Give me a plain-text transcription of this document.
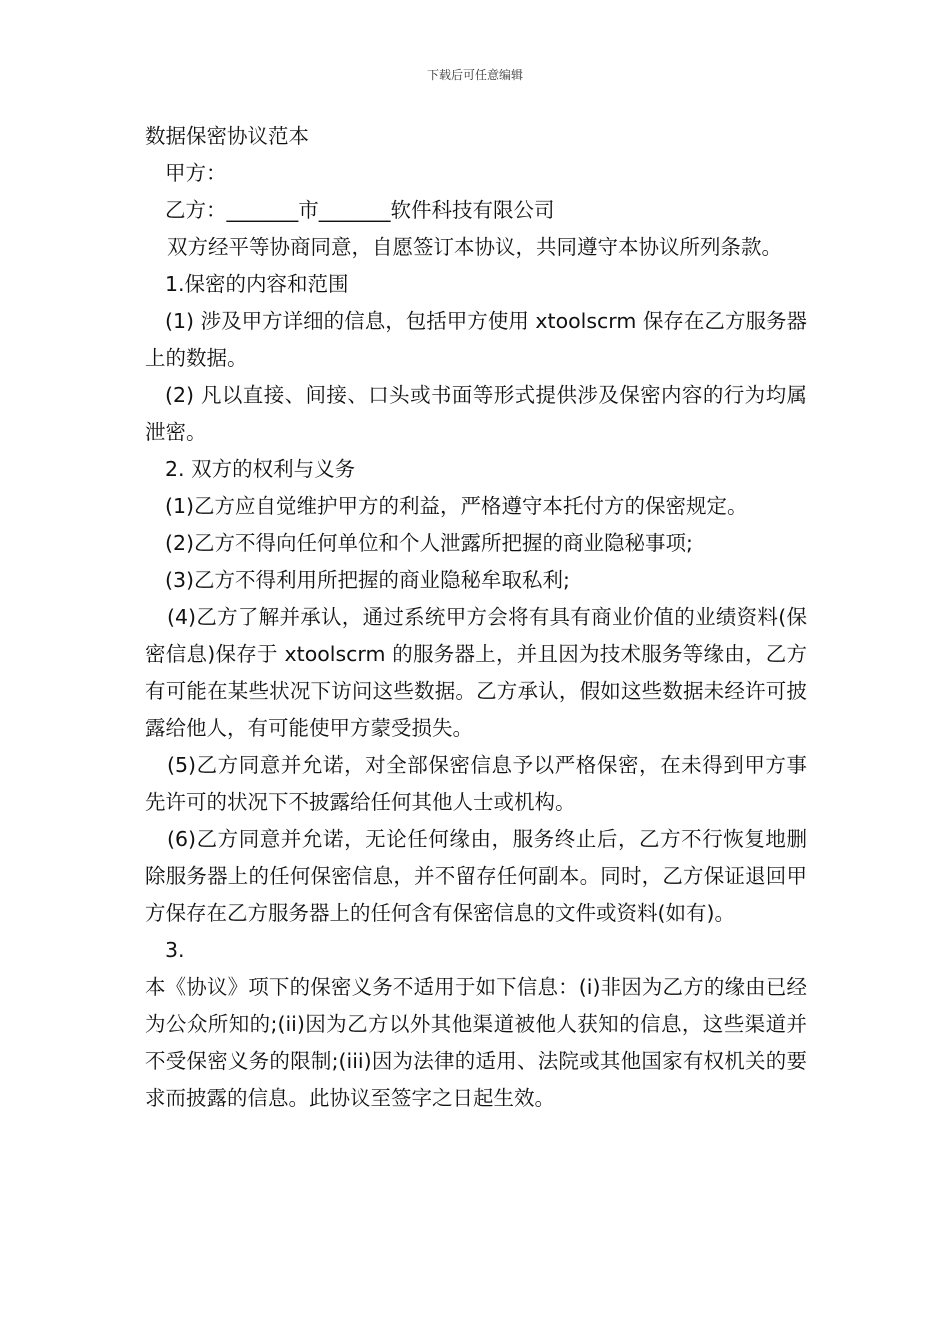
下载后可任意编辑

数据保密协议范本

甲方：

乙方：_______市_______软件科技有限公司

双方经平等协商同意，自愿签订本协议，共同遵守本协议所列条款。

1.保密的内容和范围

(1) 涉及甲方详细的信息，包括甲方使用 xtoolscrm 保存在乙方服务器上的数据。

(2) 凡以直接、间接、口头或书面等形式提供涉及保密内容的行为均属泄密。

2. 双方的权利与义务

(1)乙方应自觉维护甲方的利益，严格遵守本托付方的保密规定。

(2)乙方不得向任何单位和个人泄露所把握的商业隐秘事项;

(3)乙方不得利用所把握的商业隐秘牟取私利;

(4)乙方了解并承认，通过系统甲方会将有具有商业价值的业绩资料(保密信息)保存于 xtoolscrm 的服务器上，并且因为技术服务等缘由，乙方有可能在某些状况下访问这些数据。乙方承认，假如这些数据未经许可披露给他人，有可能使甲方蒙受损失。

(5)乙方同意并允诺，对全部保密信息予以严格保密，在未得到甲方事先许可的状况下不披露给任何其他人士或机构。

(6)乙方同意并允诺，无论任何缘由，服务终止后，乙方不行恢复地删除服务器上的任何保密信息，并不留存任何副本。同时，乙方保证退回甲方保存在乙方服务器上的任何含有保密信息的文件或资料(如有)。

3.

本《协议》项下的保密义务不适用于如下信息：(i)非因为乙方的缘由已经为公众所知的;(ii)因为乙方以外其他渠道被他人获知的信息，这些渠道并不受保密义务的限制;(iii)因为法律的适用、法院或其他国家有权机关的要求而披露的信息。此协议至签字之日起生效。
